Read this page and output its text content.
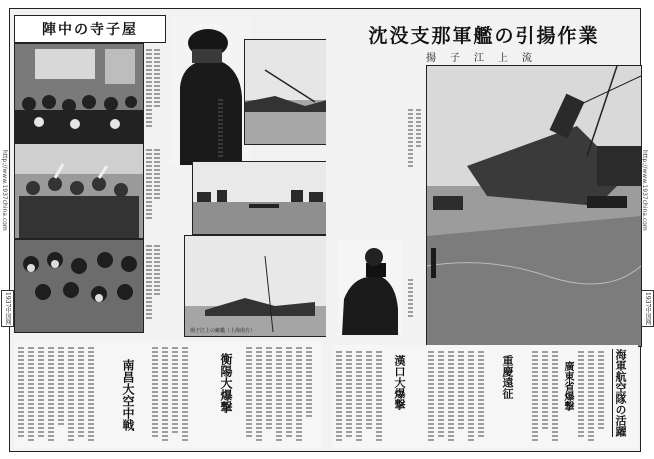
陣中の寺子屋
揚子江上の敵艦（上海南方）
衡陽大爆撃
南昌大空中戦
沈没支那軍艦の引揚作業
揚子江上流
漢口大爆撃	重慶遠征	廣東省爆撃	海軍航空隊の活躍
http://www.1937china.com
1937中国网
http://www.1937china.com
1937中国网
